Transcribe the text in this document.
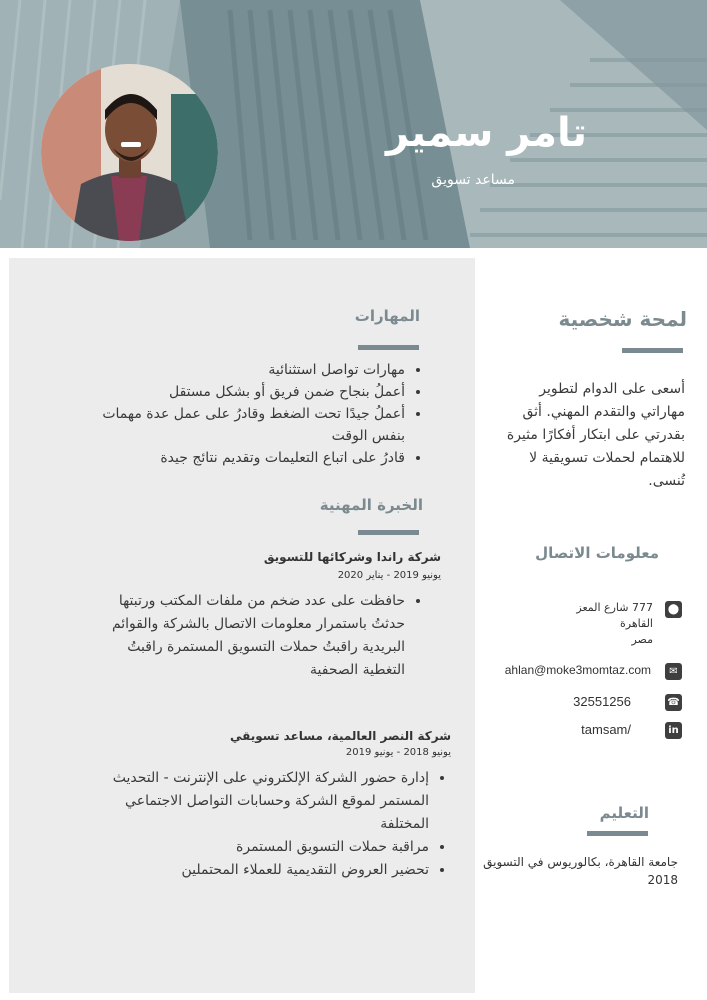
تامر سمير
مساعد تسويق
المهارات
• مهارات تواصل استثنائية
• أعملُ بنجاح ضمن فريق أو بشكل مستقل
• أعملُ جيدًا تحت الضغط وقادرُ على عمل عدة مهمات بنفس الوقت
• قادرُ على اتباع التعليمات وتقديم نتائج جيدة
الخبرة المهنية
شركة راندا وشركائها للتسويق
يونيو 2019 - يناير 2020
• حافظت على عدد ضخم من ملفات المكتب ورتبتها حدثتُ باستمرار معلومات الاتصال بالشركة والقوائم البريدية راقبتُ حملات التسويق المستمرة راقبتُ التغطية الصحفية
شركة النصر العالمية، مساعد تسويقي
يونيو 2018 - يونيو 2019
• إدارة حضور الشركة الإلكتروني على الإنترنت - التحديث المستمر لموقع الشركة وحسابات التواصل الاجتماعي المختلفة
• مراقبة حملات التسويق المستمرة
• تحضير العروض التقديمية للعملاء المحتملين
لمحة شخصية
أسعى على الدوام لتطوير مهاراتي والتقدم المهني. أثق بقدرتي على ابتكار أفكارًا مثيرة للاهتمام لحملات تسويقية لا تُنسى.
معلومات الاتصال
⬤
777 شارع المعز
القاهرة
مصر
✉
ahlan@moke3momtaz.com
☎
32551256
in
tamsam/
التعليم
جامعة القاهرة، بكالوريوس في التسويق 2018
